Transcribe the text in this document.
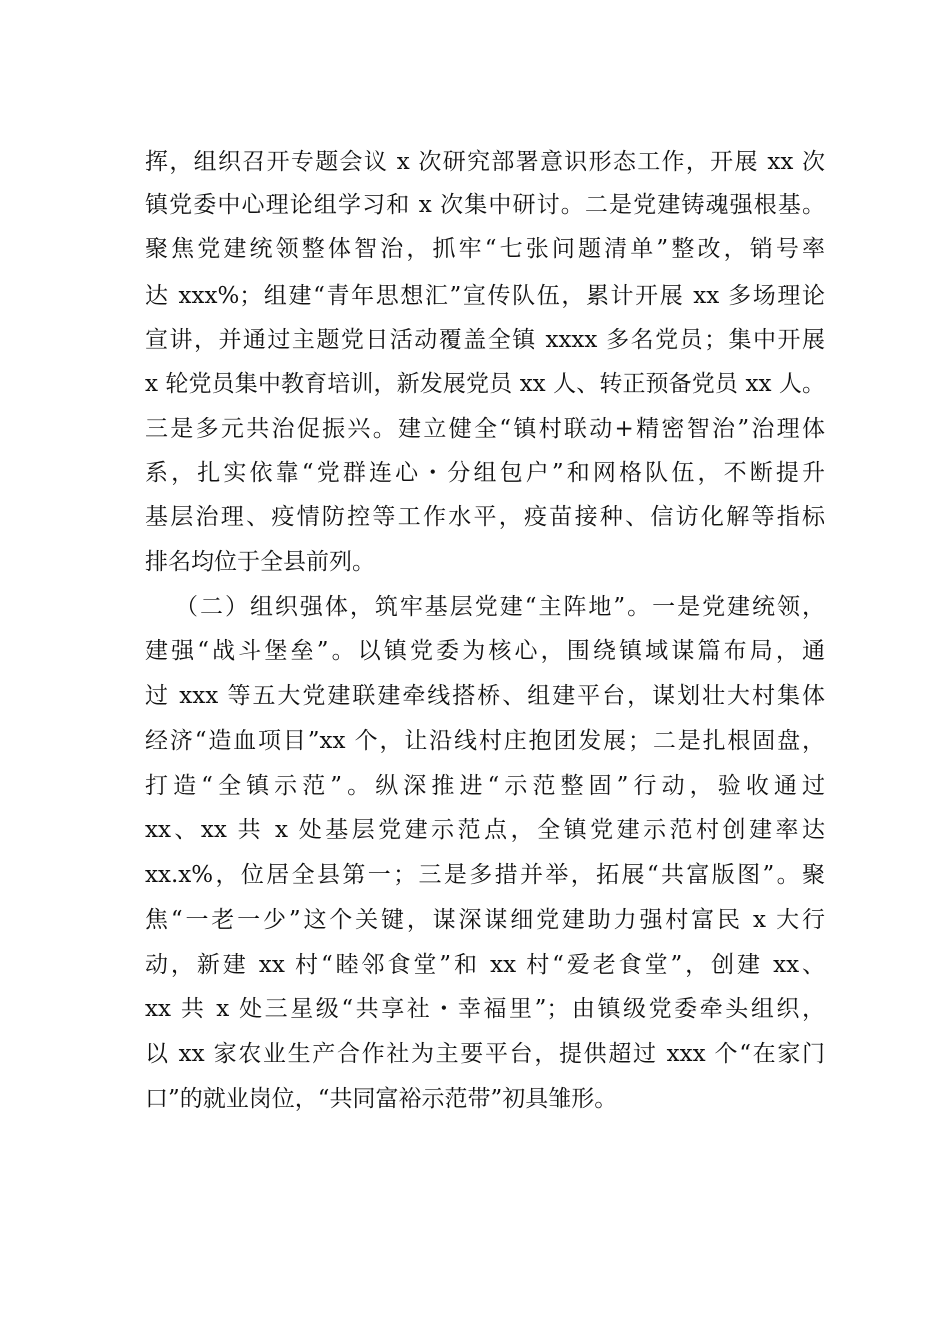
挥，组织召开专题会议 x 次研究部署意识形态工作，开展 xx 次
镇党委中心理论组学习和 x 次集中研讨。二是党建铸魂强根基。
聚焦党建统领整体智治，抓牢“七张问题清单”整改，销号率
达 xxx%；组建“青年思想汇”宣传队伍，累计开展 xx 多场理论
宣讲，并通过主题党日活动覆盖全镇 xxxx 多名党员；集中开展
x 轮党员集中教育培训，新发展党员 xx 人、转正预备党员 xx 人。
三是多元共治促振兴。建立健全“镇村联动+精密智治”治理体
系，扎实依靠“党群连心・分组包户”和网格队伍，不断提升
基层治理、疫情防控等工作水平，疫苗接种、信访化解等指标
排名均位于全县前列。
（二）组织强体，筑牢基层党建“主阵地”。一是党建统领，
建强“战斗堡垒”。以镇党委为核心，围绕镇域谋篇布局，通
过 xxx 等五大党建联建牵线搭桥、组建平台，谋划壮大村集体
经济“造血项目”xx 个，让沿线村庄抱团发展；二是扎根固盘，
打造“全镇示范”。纵深推进“示范整固”行动，验收通过
xx、xx 共 x 处基层党建示范点，全镇党建示范村创建率达
xx.x%，位居全县第一；三是多措并举，拓展“共富版图”。聚
焦“一老一少”这个关键，谋深谋细党建助力强村富民 x 大行
动，新建 xx 村“睦邻食堂”和 xx 村“爱老食堂”，创建 xx、
xx 共 x 处三星级“共享社・幸福里”；由镇级党委牵头组织，
以 xx 家农业生产合作社为主要平台，提供超过 xxx 个“在家门
口”的就业岗位，“共同富裕示范带”初具雏形。
